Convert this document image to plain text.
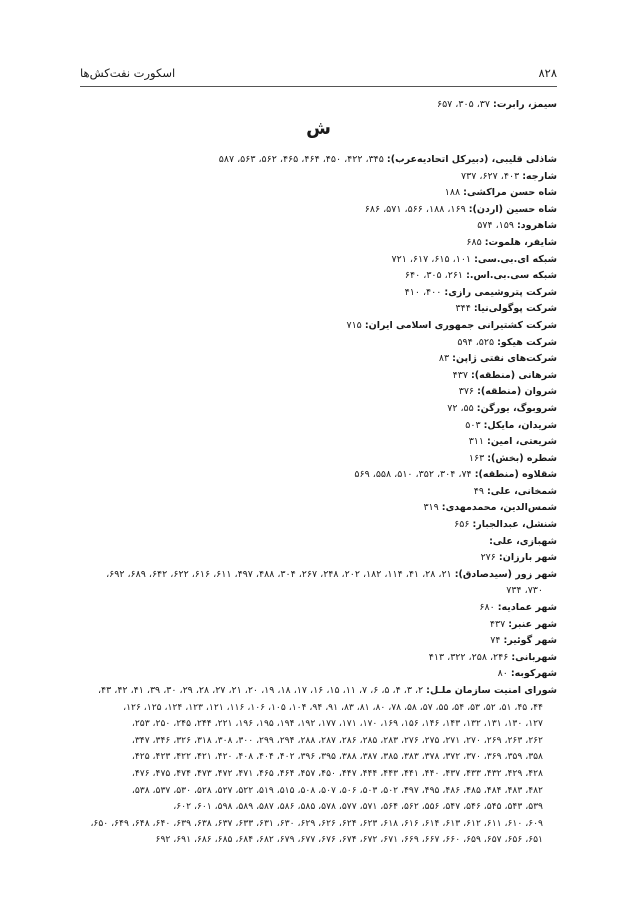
اسکورت نفت‌کش‌ها	۸۲۸
سیمز، رابرت: ۳۷، ۳۰۵، ۶۵۷
ش
شاذلی قلیبی، (دبیرکل اتحادیه‌عرب): ۳۴۵، ۴۲۲، ۴۵۰، ۴۶۴، ۴۶۵، ۵۶۲، ۵۶۳، ۵۸۷
شارجه: ۴۰۳، ۶۲۷، ۷۳۷
شاه حسن مراکشی: ۱۸۸
شاه حسین (اردن): ۱۶۹، ۱۸۸، ۵۶۶، ۵۷۱، ۶۸۶
شاهرود: ۱۵۹، ۵۷۴
شایفر، هلموت: ۶۸۵
شبکه ای.بی.سی: ۱۰۱، ۶۱۵، ۶۱۷، ۷۲۱
شبکه سی.بی.اس.: ۲۶۱، ۳۰۵، ۶۴۰
شرکت پتروشیمی رازی: ۴۰۰، ۴۱۰
شرکت پوگولی‌نیا: ۳۴۴
شرکت کشتیرانی جمهوری اسلامی ایران: ۷۱۵
شرکت هیکو: ۵۲۵، ۵۹۴
شرکت‌های نفتی ژاپن: ۸۳
شرهانی (منطقه): ۴۳۷
شروان (منطقه): ۳۷۶
شروبوگ، یورگن: ۵۵، ۷۲
شریدان، مایکل: ۵۰۳
شریعتی، امین: ۳۱۱
شطره (بخش): ۱۶۳
شقلاوه (منطقه): ۷۴، ۳۰۴، ۳۵۲، ۵۱۰، ۵۵۸، ۵۶۹
شمخانی، علی: ۴۹
شمس‌الدین، محمدمهدی: ۳۱۹
شنشل، عبدالجبار: ۶۵۶
شهبازی، علی:
شهر بارزان: ۲۷۶
شهر زور (سیدصادق): ۲۱، ۲۸، ۴۱، ۱۱۴، ۱۸۲، ۲۰۲، ۲۴۸، ۲۶۷، ۳۰۴، ۴۸۸، ۴۹۷، ۶۱۱، ۶۱۶، ۶۲۲، ۶۴۲، ۶۸۹، ۶۹۲،
۷۳۰، ۷۳۴
شهر عمادیه: ۶۸۰
شهر عنبر: ۴۳۷
شهر گوئیر: ۷۴
شهربانی: ۲۴۶، ۲۵۸، ۳۲۲، ۴۱۳
شهرکوبه: ۸۰
شورای امنیت سازمان ملـل: ۲، ۳، ۴، ۵، ۶، ۷، ۱۱، ۱۵، ۱۶، ۱۷، ۱۸، ۱۹، ۲۰، ۲۱، ۲۷، ۲۸، ۲۹، ۳۰، ۳۹، ۴۱، ۴۲، ۴۳،
۴۴، ۴۵، ۵۱، ۵۲، ۵۳، ۵۴، ۵۵، ۵۷، ۵۸، ۷۸، ۸۰، ۸۱، ۸۳، ۹۱، ۹۴، ۱۰۴، ۱۰۵، ۱۰۶، ۱۱۶، ۱۲۱، ۱۲۳، ۱۲۴، ۱۲۵، ۱۲۶،
۱۲۷، ۱۳۰، ۱۳۱، ۱۳۲، ۱۴۳، ۱۴۶، ۱۵۶، ۱۶۹، ۱۷۰، ۱۷۱، ۱۷۷، ۱۹۲، ۱۹۴، ۱۹۵، ۱۹۶، ۲۲۱، ۲۴۴، ۲۴۵، ۲۵۰، ۲۵۳،
۲۶۲، ۲۶۳، ۲۶۹، ۲۷۰، ۲۷۱، ۲۷۵، ۲۷۶، ۲۸۳، ۲۸۵، ۲۸۶، ۲۸۷، ۲۸۸، ۲۹۴، ۲۹۹، ۳۰۰، ۳۰۸، ۳۱۸، ۳۲۶، ۳۴۶، ۳۴۷،
۳۵۸، ۳۵۹، ۳۶۹، ۳۷۰، ۳۷۲، ۳۷۸، ۳۸۳، ۳۸۵، ۳۸۷، ۳۸۸، ۳۹۵، ۳۹۶، ۴۰۲، ۴۰۴، ۴۰۸، ۴۲۰، ۴۲۱، ۴۲۲، ۴۲۳، ۴۲۵،
۴۲۸، ۴۲۹، ۴۳۲، ۴۳۳، ۴۳۷، ۴۴۰، ۴۴۱، ۴۴۳، ۴۴۴، ۴۴۷، ۴۵۰، ۴۵۷، ۴۶۴، ۴۶۵، ۴۷۱، ۴۷۲، ۴۷۳، ۴۷۴، ۴۷۵، ۴۷۶،
۴۸۲، ۴۸۳، ۴۸۴، ۴۸۵، ۴۸۶، ۴۹۵، ۴۹۷، ۵۰۲، ۵۰۳، ۵۰۶، ۵۰۷، ۵۰۸، ۵۱۵، ۵۱۹، ۵۲۲، ۵۲۷، ۵۲۸، ۵۳۰، ۵۳۷، ۵۳۸،
۵۳۹، ۵۴۳، ۵۴۵، ۵۴۶، ۵۴۷، ۵۵۶، ۵۶۲، ۵۶۴، ۵۷۱، ۵۷۷، ۵۷۸، ۵۸۵، ۵۸۶، ۵۸۷، ۵۸۹، ۵۹۸، ۶۰۱، ۶۰۲،
۶۰۹، ۶۱۰، ۶۱۱، ۶۱۲، ۶۱۳، ۶۱۴، ۶۱۶، ۶۱۸، ۶۲۳، ۶۲۴، ۶۲۶، ۶۲۹، ۶۳۰، ۶۳۱، ۶۳۳، ۶۳۷، ۶۳۸، ۶۳۹، ۶۴۰، ۶۴۸، ۶۴۹، ۶۵۰،
۶۵۱، ۶۵۶، ۶۵۷، ۶۵۹، ۶۶۰، ۶۶۷، ۶۶۹، ۶۷۱، ۶۷۲، ۶۷۴، ۶۷۶، ۶۷۷، ۶۷۹، ۶۸۲، ۶۸۴، ۶۸۵، ۶۸۶، ۶۹۱، ۶۹۲
